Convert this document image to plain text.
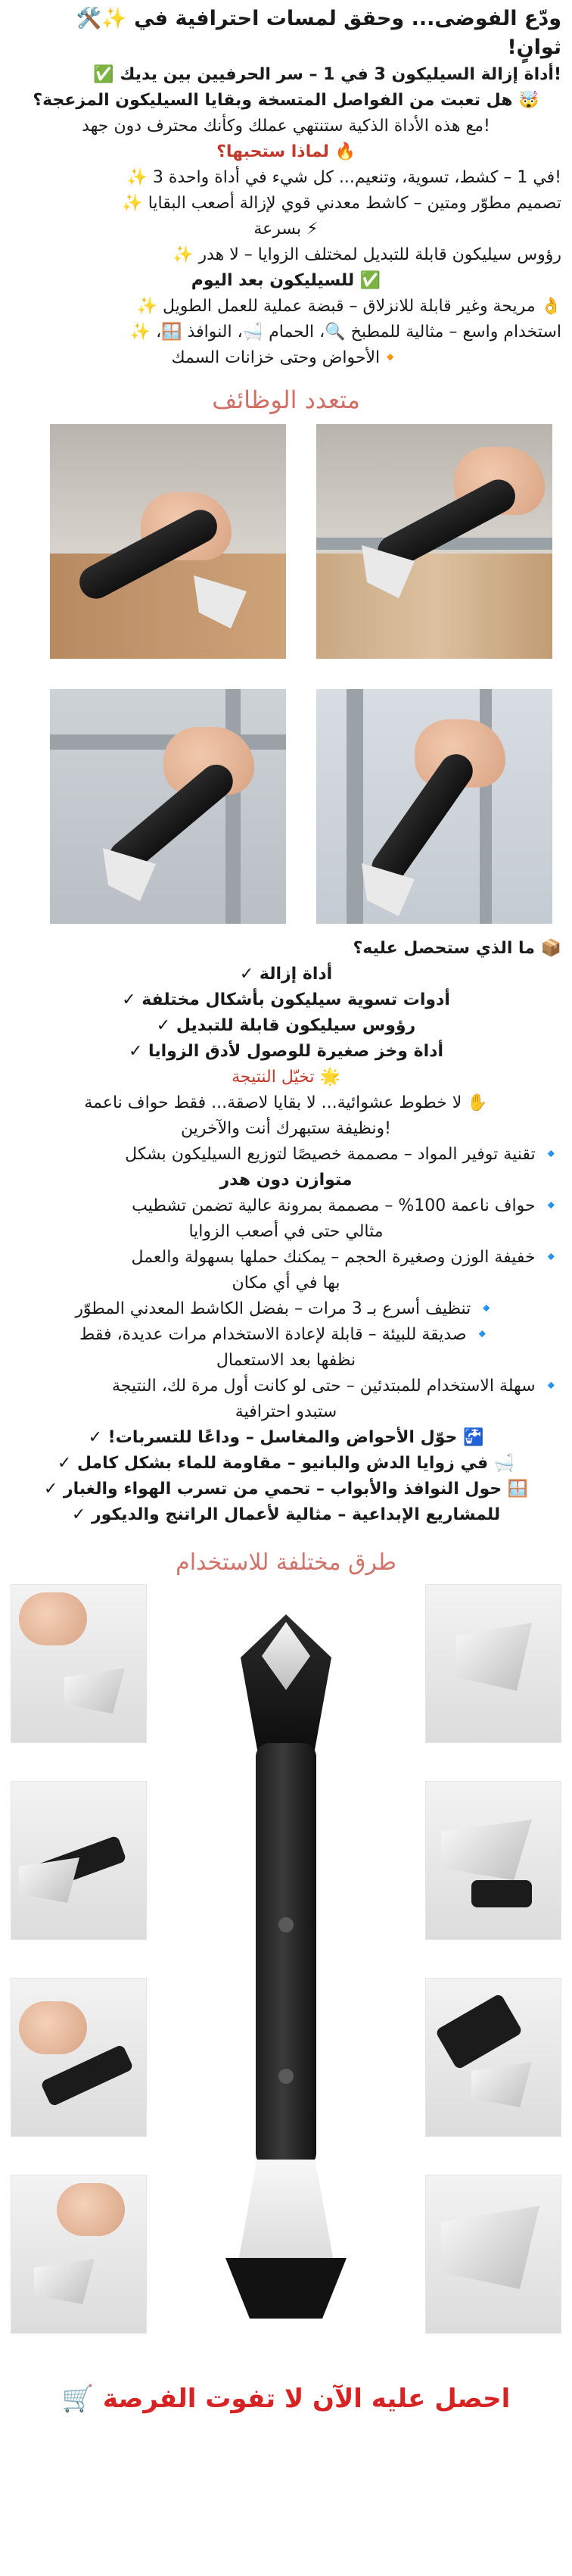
ودّع الفوضى... وحقق لمسات احترافية في ✨🛠️
ثوانٍ!
!أداة إزالة السيليكون 3 في 1 – سر الحرفيين بين يديك ✅
🤯 هل تعبت من الفواصل المتسخة وبقايا السيليكون المزعجة؟
!مع هذه الأداة الذكية ستنتهي عملك وكأنك محترف دون جهد
🔥 لماذا ستحبها؟
!في 1 – كشط، تسوية، وتنعيم... كل شيء في أداة واحدة 3 ✨
تصميم مطوّر ومتين – كاشط معدني قوي لإزالة أصعب البقايا ✨
⚡ بسرعة
رؤوس سيليكون قابلة للتبديل لمختلف الزوايا – لا هدر ✨
✅ للسيليكون بعد اليوم
👌 مريحة وغير قابلة للانزلاق – قبضة عملية للعمل الطويل ✨
استخدام واسع – مثالية للمطبخ 🔍، الحمام 🛁، النوافذ 🪟، ✨
🔸الأحواض وحتى خزانات السمك
متعدد الوظائف
📦 ما الذي ستحصل عليه؟
أداة إزالة ✓
أدوات تسوية سيليكون بأشكال مختلفة ✓
رؤوس سيليكون قابلة للتبديل ✓
أداة وخز صغيرة للوصول لأدق الزوايا ✓
🌟 تخيّل النتيجة
✋ لا خطوط عشوائية... لا بقايا لاصقة... فقط حواف ناعمة
!ونظيفة ستبهرك أنت والآخرين
🔹 تقنية توفير المواد – مصممة خصيصًا لتوزيع السيليكون بشكل
متوازن دون هدر
🔹 حواف ناعمة 100% – مصممة بمرونة عالية تضمن تشطيب
مثالي حتى في أصعب الزوايا
🔹 خفيفة الوزن وصغيرة الحجم – يمكنك حملها بسهولة والعمل
بها في أي مكان
🔹 تنظيف أسرع بـ 3 مرات – بفضل الكاشط المعدني المطوّر
🔹 صديقة للبيئة – قابلة لإعادة الاستخدام مرات عديدة، فقط
نظفها بعد الاستعمال
🔹 سهلة الاستخدام للمبتدئين – حتى لو كانت أول مرة لك، النتيجة
ستبدو احترافية
🚰 حوّل الأحواض والمغاسل – وداعًا للتسربات! ✓
🛁 في زوايا الدش والبانيو – مقاومة للماء بشكل كامل ✓
🪟 حول النوافذ والأبواب – تحمي من تسرب الهواء والغبار ✓
للمشاريع الإبداعية – مثالية لأعمال الراتنج والديكور ✓
طرق مختلفة للاستخدام
احصل عليه الآن لا تفوت الفرصة 🛒
